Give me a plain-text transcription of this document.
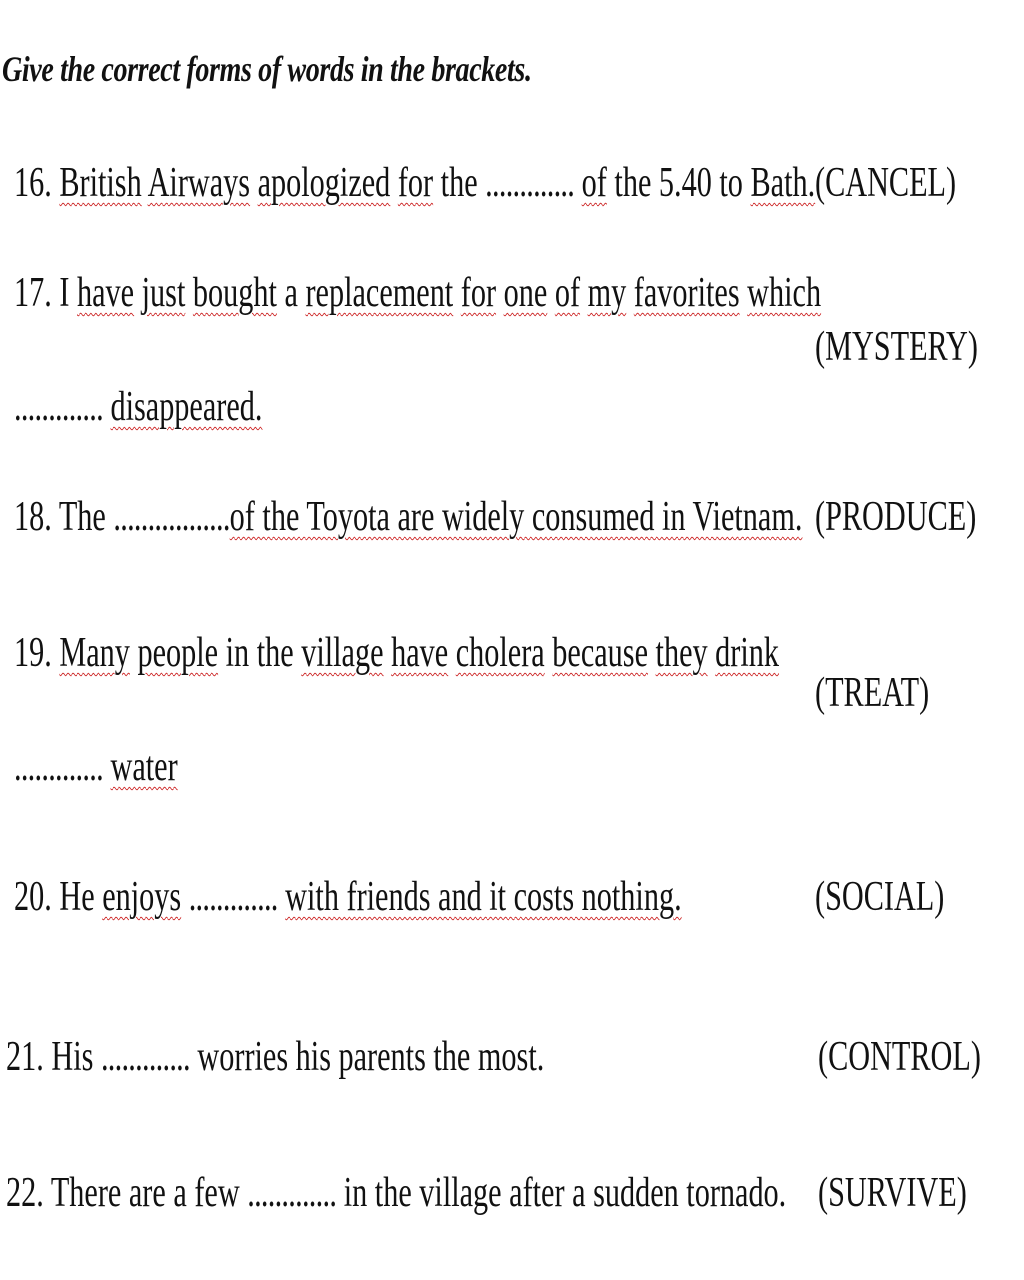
Give the correct forms of words in the brackets.
16. British Airways apologized for the ............. of the 5.40 to Bath. (CANCEL)
17. I have just bought a replacement for one of my favorites which
(MYSTERY)
............. disappeared.
18. The .................of the Toyota are widely consumed in Vietnam. (PRODUCE)
19. Many people in the village have cholera because they drink
(TREAT)
............. water
20. He enjoys ............. with friends and it costs nothing.	(SOCIAL)
21. His ............. worries his parents the most.	(CONTROL)
22. There are a few ............. in the village after a sudden tornado. (SURVIVE)
